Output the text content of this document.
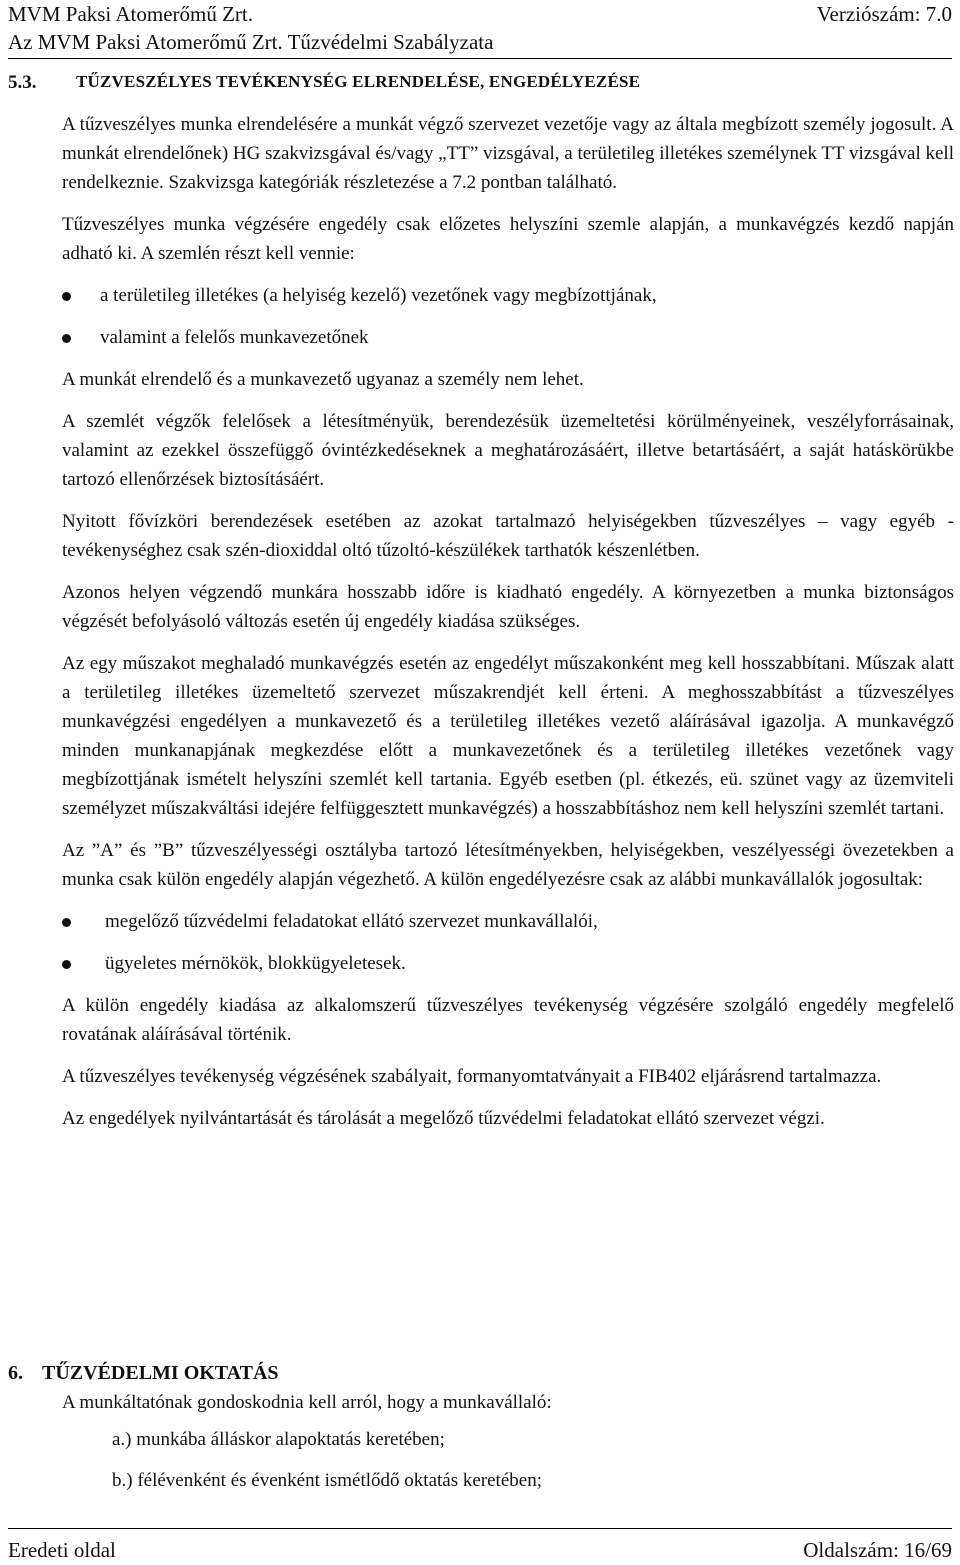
MVM Paksi Atomerőmű Zrt.	Verziószám: 7.0
Az MVM Paksi Atomerőmű Zrt. Tűzvédelmi Szabályzata
5.3. TŰZVESZÉLYES TEVÉKENYSÉG ELRENDELÉSE, ENGEDÉLYEZÉSE

A tűzveszélyes munka elrendelésére a munkát végző szervezet vezetője vagy az általa megbízott személy jogosult. A munkát elrendelőnek) HG szakvizsgával és/vagy „TT” vizsgával, a területileg illetékes személynek TT vizsgával kell rendelkeznie. Szakvizsga kategóriák részletezése a 7.2 pontban található.

Tűzveszélyes munka végzésére engedély csak előzetes helyszíni szemle alapján, a munkavégzés kezdő napján adható ki. A szemlén részt kell vennie:

a területileg illetékes (a helyiség kezelő) vezetőnek vagy megbízottjának,
valamint a felelős munkavezetőnek

A munkát elrendelő és a munkavezető ugyanaz a személy nem lehet.

A szemlét végzők felelősek a létesítményük, berendezésük üzemeltetési körülményeinek, veszélyforrásainak, valamint az ezekkel összefüggő óvintézkedéseknek a meghatározásáért, illetve betartásáért, a saját hatáskörükbe tartozó ellenőrzések biztosításáért.

Nyitott fővízköri berendezések esetében az azokat tartalmazó helyiségekben tűzveszélyes – vagy egyéb - tevékenységhez csak szén-dioxiddal oltó tűzoltó-készülékek tarthatók készenlétben.

Azonos helyen végzendő munkára hosszabb időre is kiadható engedély. A környezetben a munka biztonságos végzését befolyásoló változás esetén új engedély kiadása szükséges.

Az egy műszakot meghaladó munkavégzés esetén az engedélyt műszakonként meg kell hosszabbítani. Műszak alatt a területileg illetékes üzemeltető szervezet műszakrendjét kell érteni. A meghosszabbítást a tűzveszélyes munkavégzési engedélyen a munkavezető és a területileg illetékes vezető aláírásával igazolja. A munkavégző minden munkanapjának megkezdése előtt a munkavezetőnek és a területileg illetékes vezetőnek vagy megbízottjának ismételt helyszíni szemlét kell tartania. Egyéb esetben (pl. étkezés, eü. szünet vagy az üzemviteli személyzet műszakváltási idejére felfüggesztett munkavégzés) a hosszabbításhoz nem kell helyszíni szemlét tartani.

Az ”A” és ”B” tűzveszélyességi osztályba tartozó létesítményekben, helyiségekben, veszélyességi övezetekben a munka csak külön engedély alapján végezhető. A külön engedélyezésre csak az alábbi munkavállalók jogosultak:

megelőző tűzvédelmi feladatokat ellátó szervezet munkavállalói,
ügyeletes mérnökök, blokkügyeletesek.

A külön engedély kiadása az alkalomszerű tűzveszélyes tevékenység végzésére szolgáló engedély megfelelő rovatának aláírásával történik.

A tűzveszélyes tevékenység végzésének szabályait, formanyomtatványait a FIB402 eljárásrend tartalmazza.

Az engedélyek nyilvántartását és tárolását a megelőző tűzvédelmi feladatokat ellátó szervezet végzi.

6. TŰZVÉDELMI OKTATÁS

A munkáltatónak gondoskodnia kell arról, hogy a munkavállaló:

a.) munkába álláskor alapoktatás keretében;
b.) félévenként és évenként ismétlődő oktatás keretében;
Eredeti oldal	Oldalszám: 16/69
